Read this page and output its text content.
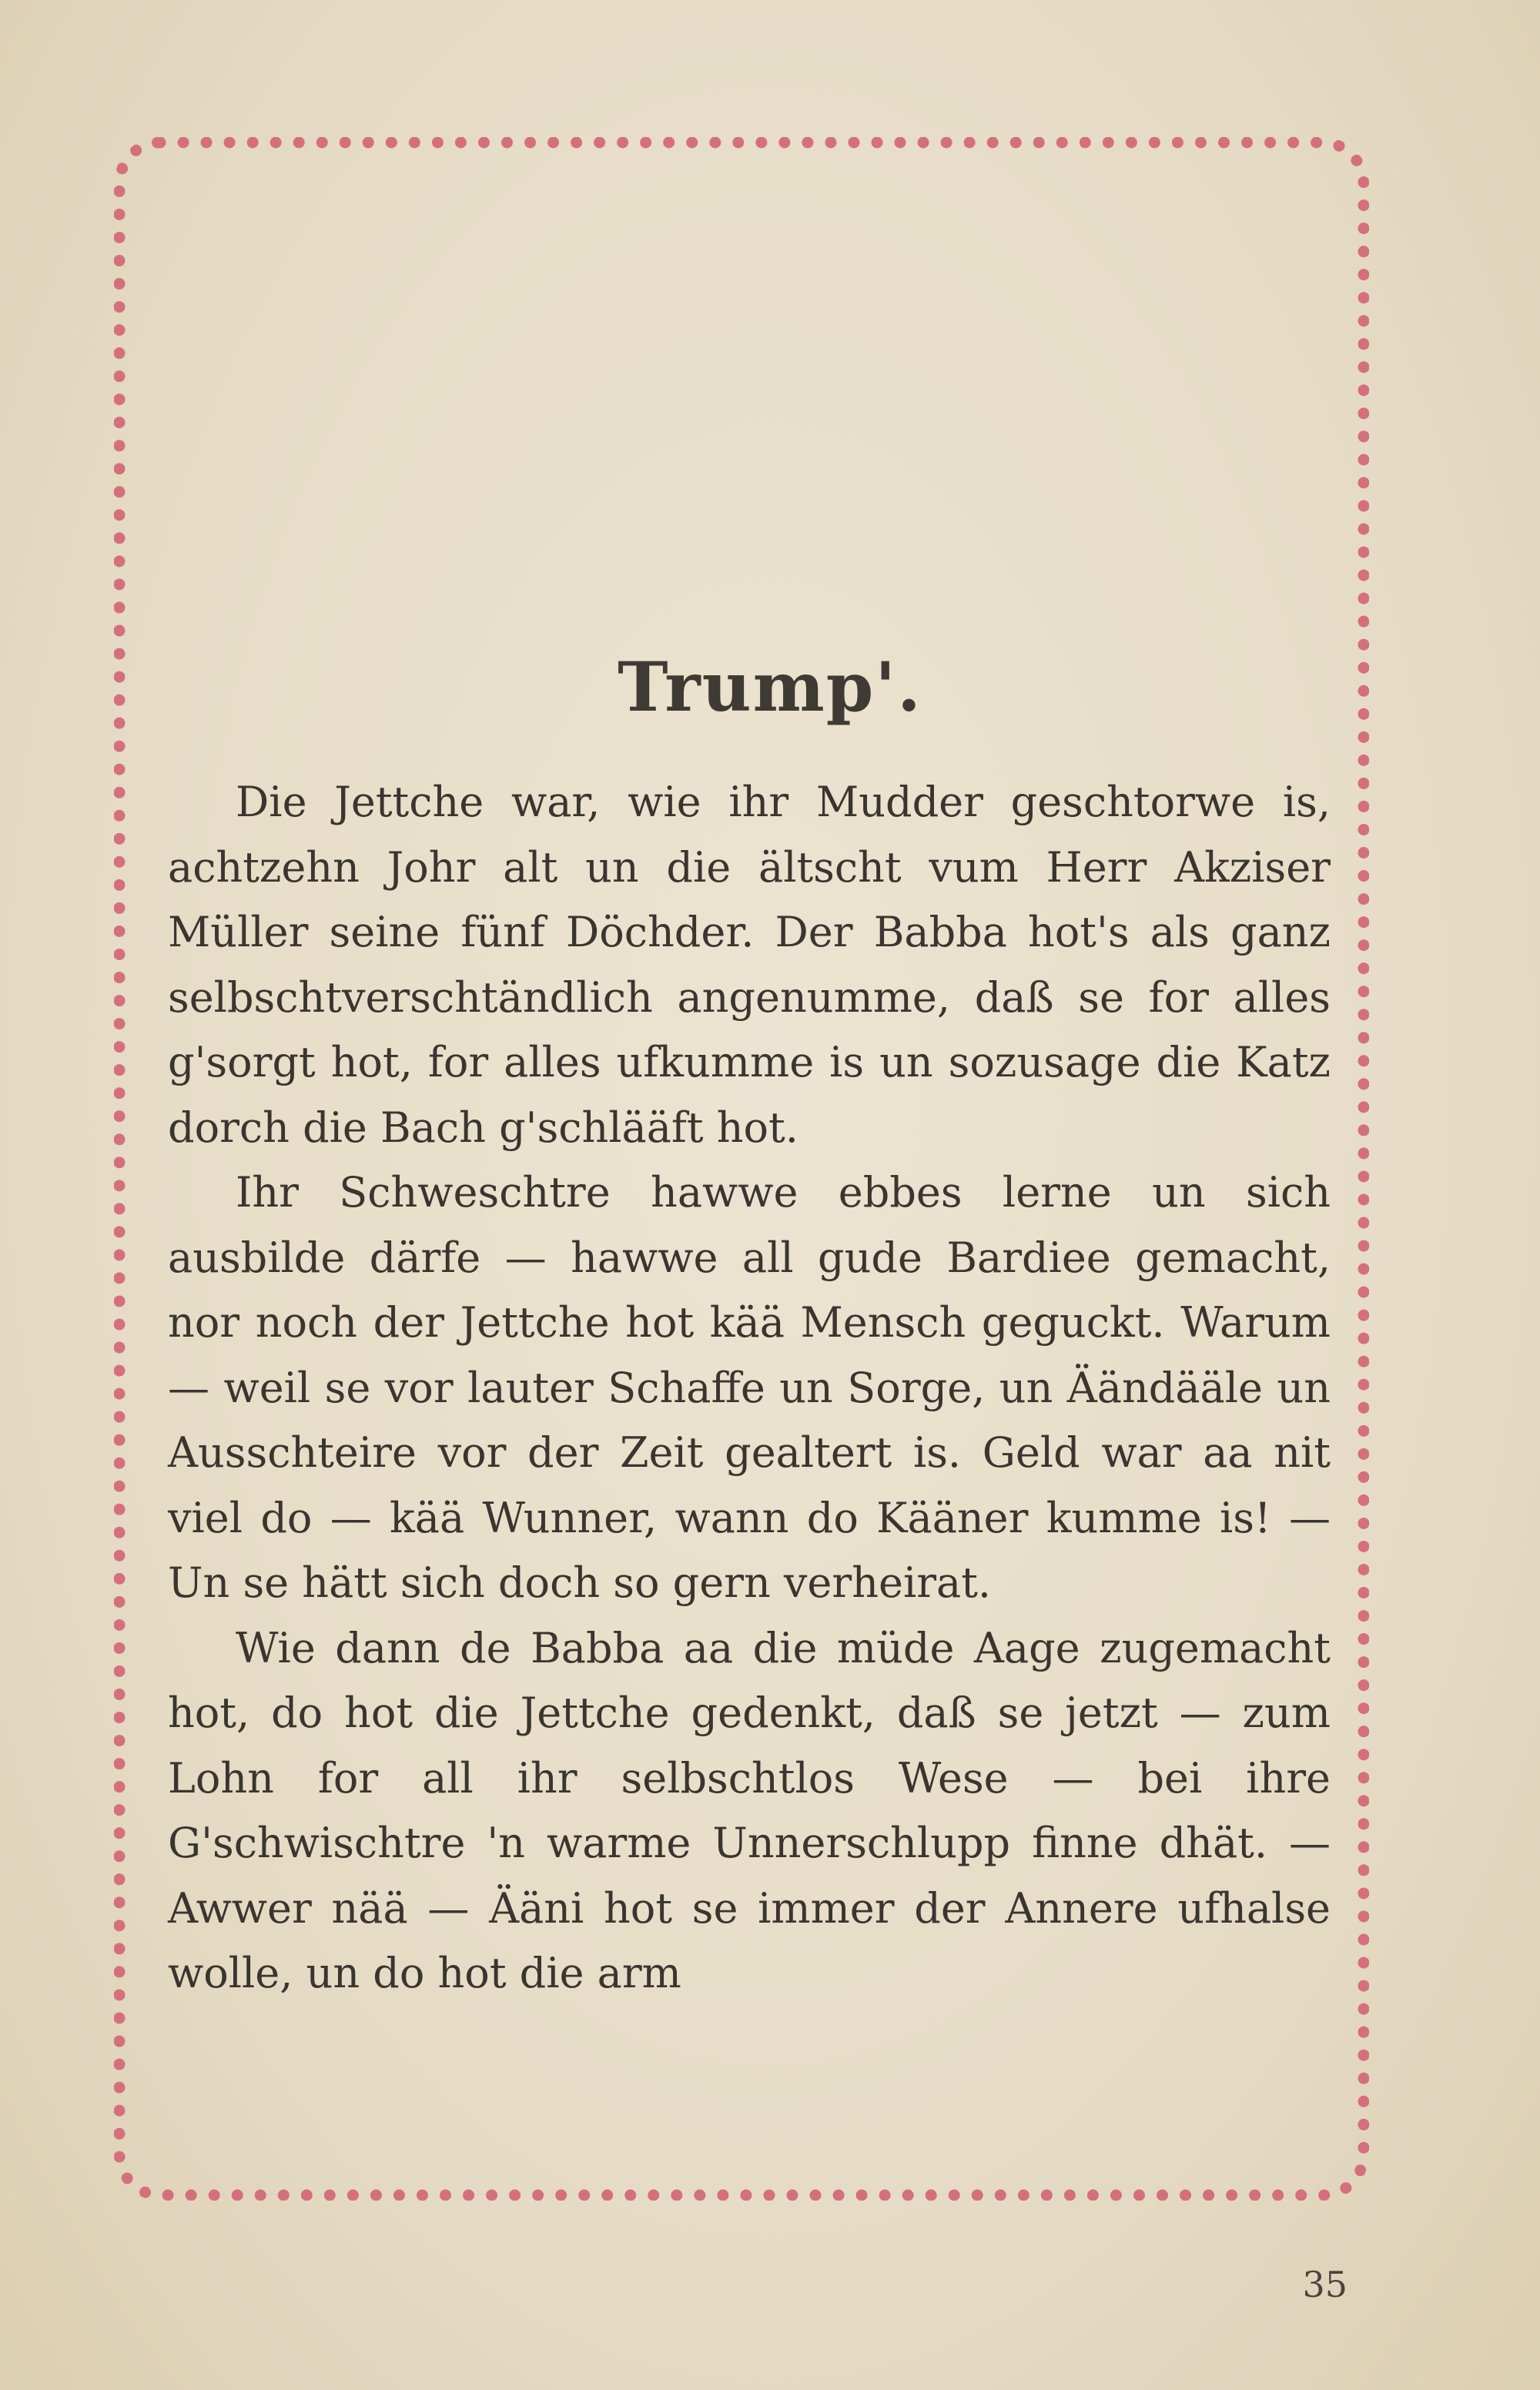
Trump'.

Die Jettche war, wie ihr Mudder geschtorwe is, achtzehn Johr alt un die ältscht vum Herr Akziser Müller seine fünf Döchder. Der Babba hot's als ganz selbschtverschtändlich angenumme, daß se for alles g'sorgt hot, for alles ufkumme is un sozusage die Katz dorch die Bach g'schlääft hot.

Ihr Schweschtre hawwe ebbes lerne un sich ausbilde därfe — hawwe all gude Bardiee gemacht, nor noch der Jettche hot kää Mensch geguckt. Warum — weil se vor lauter Schaffe un Sorge, un Äändääle un Ausschteire vor der Zeit gealtert is. Geld war aa nit viel do — kää Wunner, wann do Kääner kumme is! — Un se hätt sich doch so gern verheirat.

Wie dann de Babba aa die müde Aage zugemacht hot, do hot die Jettche gedenkt, daß se jetzt — zum Lohn for all ihr selbschtlos Wese — bei ihre G'schwischtre 'n warme Unnerschlupp finne dhät. — Awwer nää — Ääni hot se immer der Annere ufhalse wolle, un do hot die arm

35
